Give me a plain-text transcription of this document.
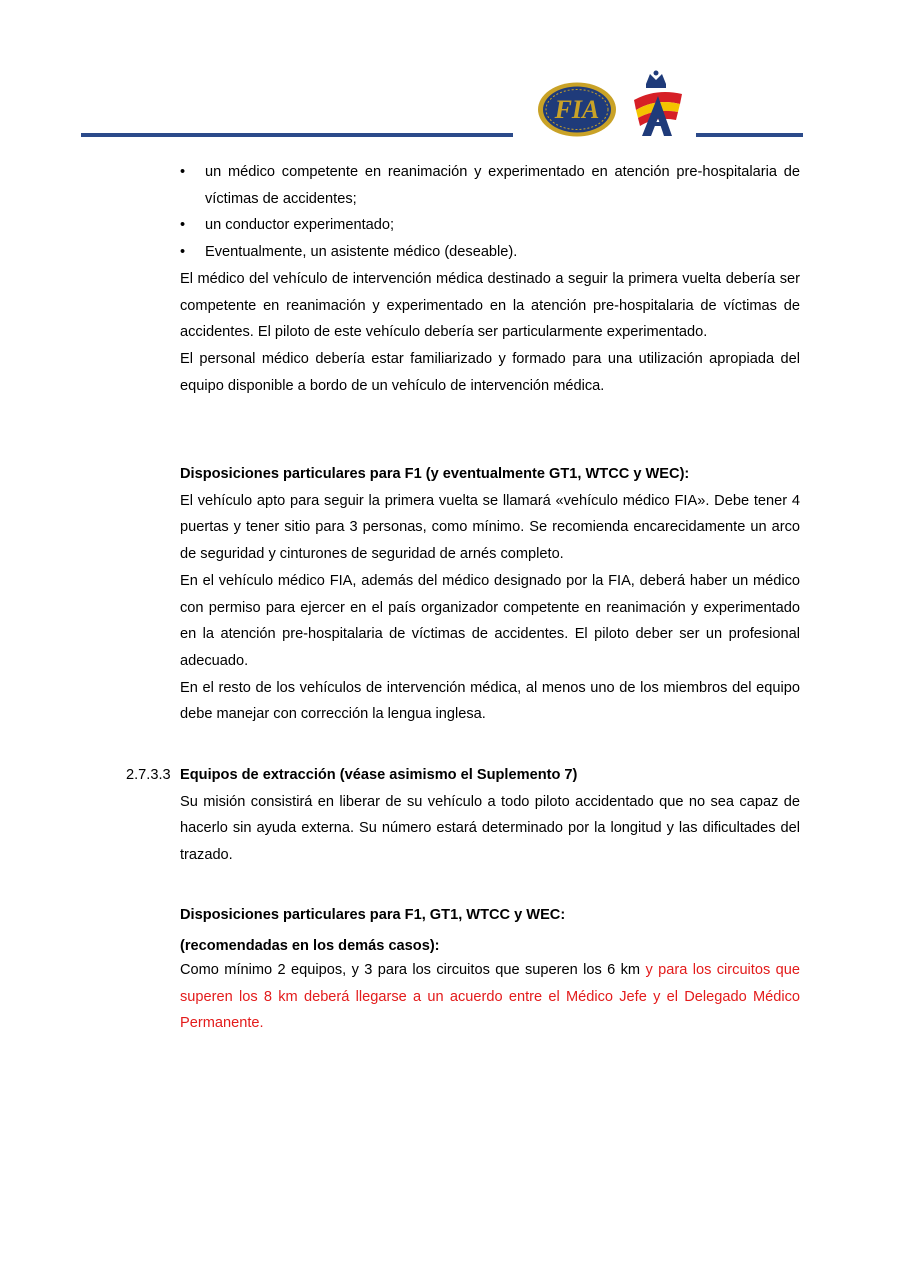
FIA
•	un médico competente en reanimación y experimentado en atención pre-hospitalaria de víctimas de accidentes;
•	un conductor experimentado;
•	Eventualmente, un asistente médico (deseable).

El médico del vehículo de intervención médica destinado a seguir la primera vuelta debería ser competente en reanimación y experimentado en la atención pre-hospitalaria de víctimas de accidentes. El piloto de este vehículo debería ser particularmente experimentado.

El personal médico debería estar familiarizado y formado para una utilización apropiada del equipo disponible a bordo de un vehículo de intervención médica.

Disposiciones particulares para F1 (y eventualmente GT1, WTCC y WEC):

El vehículo apto para seguir la primera vuelta se llamará «vehículo médico FIA». Debe tener 4 puertas y tener sitio para 3 personas, como mínimo. Se recomienda encarecidamente un arco de seguridad y cinturones de seguridad de arnés completo.

En el vehículo médico FIA, además del médico designado por la FIA, deberá haber un médico con permiso para ejercer en el país organizador competente en reanimación y experimentado en la atención pre-hospitalaria de víctimas de accidentes. El piloto deber ser un profesional adecuado.

En el resto de los vehículos de intervención médica, al menos uno de los miembros del equipo debe manejar con corrección la lengua inglesa.

2.7.3.3 Equipos de extracción (véase asimismo el Suplemento 7)

Su misión consistirá en liberar de su vehículo a todo piloto accidentado que no sea capaz de hacerlo sin ayuda externa. Su número estará determinado por la longitud y las dificultades del trazado.

Disposiciones particulares para F1, GT1, WTCC y WEC:

(recomendadas en los demás casos):

Como mínimo 2 equipos, y 3 para los circuitos que superen los 6 km y para los circuitos que superen los 8 km deberá llegarse a un acuerdo entre el Médico Jefe y el Delegado Médico Permanente.
